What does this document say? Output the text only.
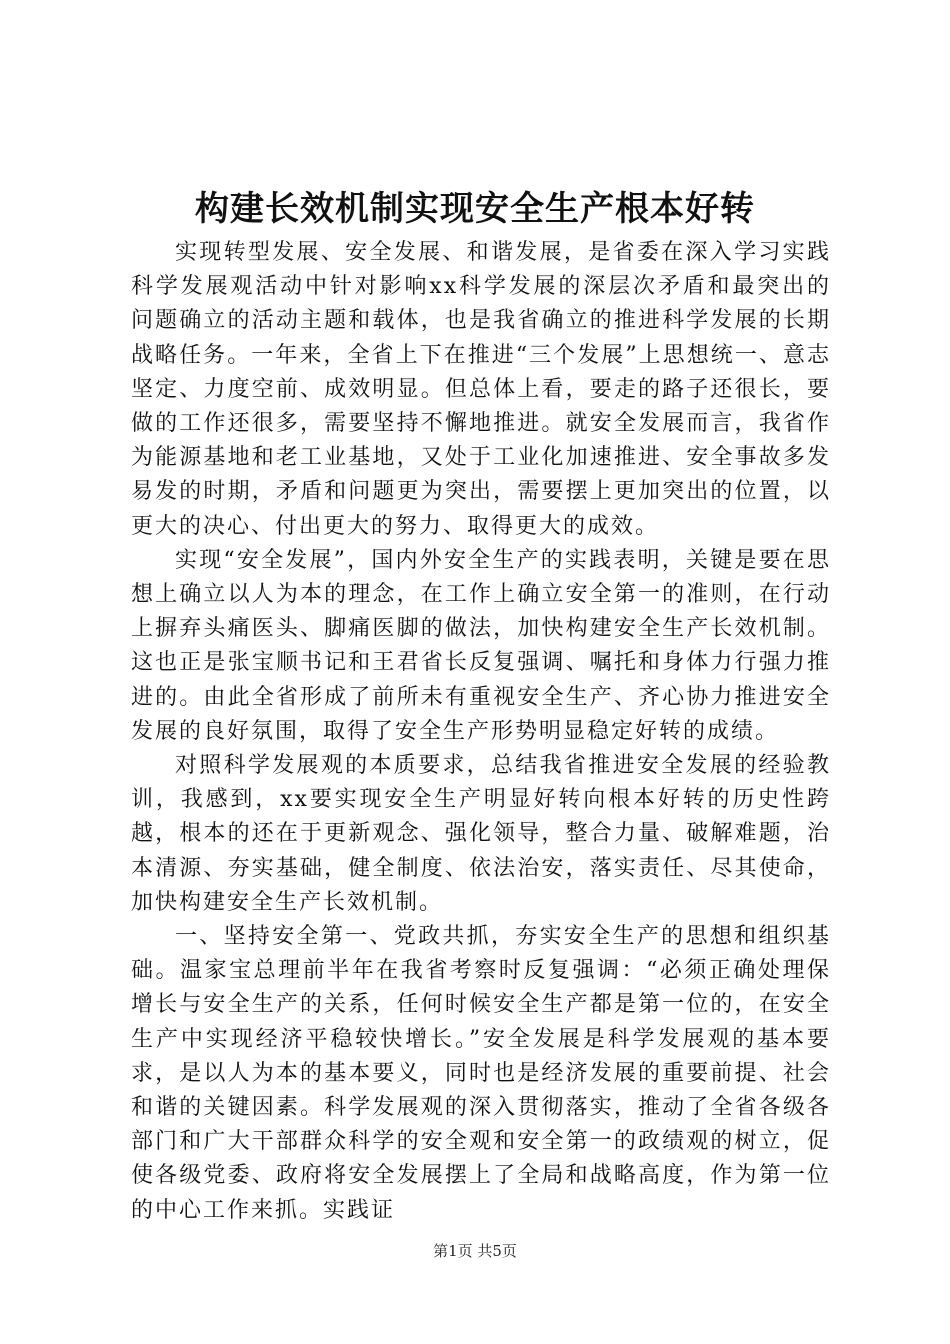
构建长效机制实现安全生产根本好转

实现转型发展、安全发展、和谐发展，是省委在深入学习实践科学发展观活动中针对影响xx科学发展的深层次矛盾和最突出的问题确立的活动主题和载体，也是我省确立的推进科学发展的长期战略任务。一年来，全省上下在推进“三个发展”上思想统一、意志坚定、力度空前、成效明显。但总体上看，要走的路子还很长，要做的工作还很多，需要坚持不懈地推进。就安全发展而言，我省作为能源基地和老工业基地，又处于工业化加速推进、安全事故多发易发的时期，矛盾和问题更为突出，需要摆上更加突出的位置，以更大的决心、付出更大的努力、取得更大的成效。

实现“安全发展”，国内外安全生产的实践表明，关键是要在思想上确立以人为本的理念，在工作上确立安全第一的准则，在行动上摒弃头痛医头、脚痛医脚的做法，加快构建安全生产长效机制。这也正是张宝顺书记和王君省长反复强调、嘱托和身体力行强力推进的。由此全省形成了前所未有重视安全生产、齐心协力推进安全发展的良好氛围，取得了安全生产形势明显稳定好转的成绩。

对照科学发展观的本质要求，总结我省推进安全发展的经验教训，我感到，xx要实现安全生产明显好转向根本好转的历史性跨越，根本的还在于更新观念、强化领导，整合力量、破解难题，治本清源、夯实基础，健全制度、依法治安，落实责任、尽其使命，加快构建安全生产长效机制。

一、坚持安全第一、党政共抓，夯实安全生产的思想和组织基础。温家宝总理前半年在我省考察时反复强调：“必须正确处理保增长与安全生产的关系，任何时候安全生产都是第一位的，在安全生产中实现经济平稳较快增长。”安全发展是科学发展观的基本要求，是以人为本的基本要义，同时也是经济发展的重要前提、社会和谐的关键因素。科学发展观的深入贯彻落实，推动了全省各级各部门和广大干部群众科学的安全观和安全第一的政绩观的树立，促使各级党委、政府将安全发展摆上了全局和战略高度，作为第一位的中心工作来抓。实践证

第1页 共5页
